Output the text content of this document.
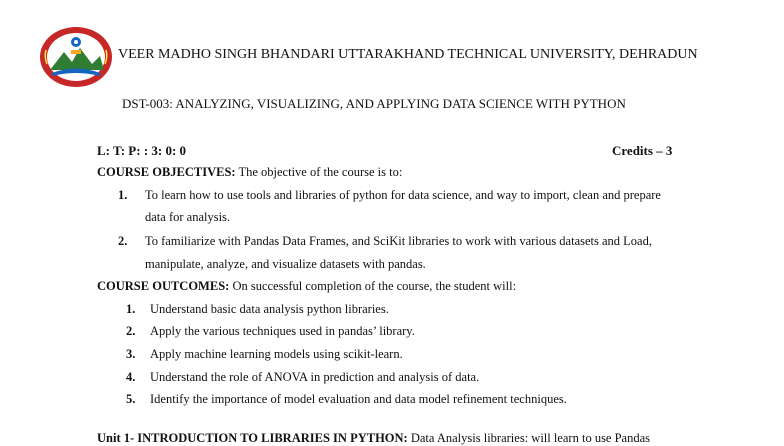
VEER MADHO SINGH BHANDARI UTTARAKHAND TECHNICAL UNIVERSITY, DEHRADUN
DST-003: ANALYZING, VISUALIZING, AND APPLYING DATA SCIENCE WITH PYTHON
L: T: P: : 3: 0: 0	Credits – 3
COURSE OBJECTIVES: The objective of the course is to:
1. To learn how to use tools and libraries of python for data science, and way to import, clean and prepare
data for analysis.
2. To familiarize with Pandas Data Frames, and SciKit libraries to work with various datasets and Load,
manipulate, analyze, and visualize datasets with pandas.
COURSE OUTCOMES: On successful completion of the course, the student will:
1. Understand basic data analysis python libraries.
2. Apply the various techniques used in pandas’ library.
3. Apply machine learning models using scikit-learn.
4. Understand the role of ANOVA in prediction and analysis of data.
5. Identify the importance of model evaluation and data model refinement techniques.
Unit 1- INTRODUCTION TO LIBRARIES IN PYTHON: Data Analysis libraries: will learn to use Pandas
